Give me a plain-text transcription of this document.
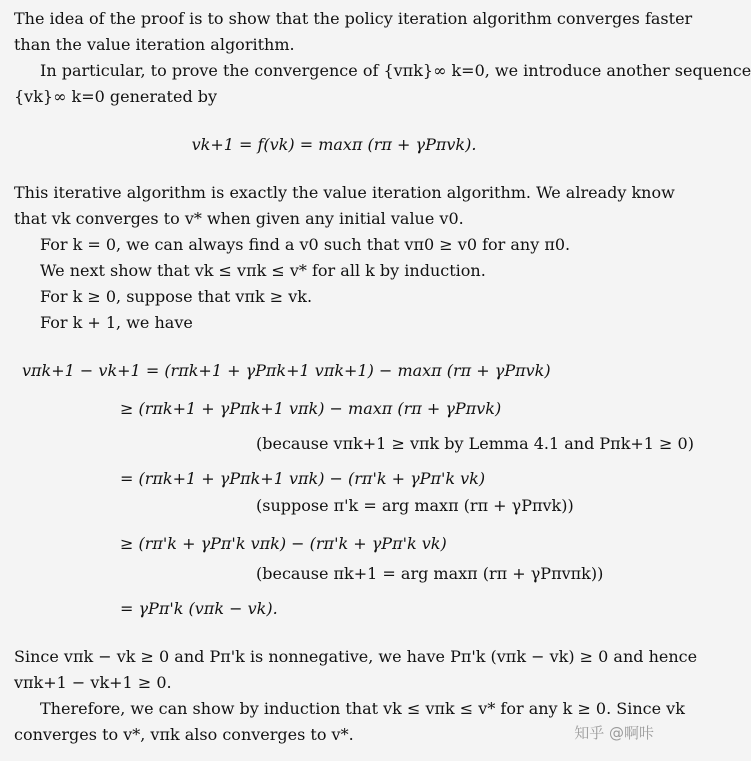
The idea of the proof is to show that the policy iteration algorithm converges faster

than the value iteration algorithm.

In particular, to prove the convergence of {vπk}∞ k=0, we introduce another sequence

{vk}∞ k=0 generated by

vk+1 = f(vk) = maxπ (rπ + γPπvk).

This iterative algorithm is exactly the value iteration algorithm. We already know

that vk converges to v* when given any initial value v0.

For k = 0, we can always find a v0 such that vπ0 ≥ v0 for any π0.

We next show that vk ≤ vπk ≤ v* for all k by induction.

For k ≥ 0, suppose that vπk ≥ vk.

For k + 1, we have

vπk+1 − vk+1 = (rπk+1 + γPπk+1 vπk+1) − maxπ (rπ + γPπvk)
≥ (rπk+1 + γPπk+1 vπk) − maxπ (rπ + γPπvk)
(because vπk+1 ≥ vπk by Lemma 4.1 and Pπk+1 ≥ 0)
= (rπk+1 + γPπk+1 vπk) − (rπ'k + γPπ'k vk)
(suppose π'k = arg maxπ (rπ + γPπvk))
≥ (rπ'k + γPπ'k vπk) − (rπ'k + γPπ'k vk)
(because πk+1 = arg maxπ (rπ + γPπvπk))
= γPπ'k (vπk − vk).

Since vπk − vk ≥ 0 and Pπ'k is nonnegative, we have Pπ'k (vπk − vk) ≥ 0 and hence

vπk+1 − vk+1 ≥ 0.

Therefore, we can show by induction that vk ≤ vπk ≤ v* for any k ≥ 0. Since vk

converges to v*, vπk also converges to v*.	知乎 @啊咔
